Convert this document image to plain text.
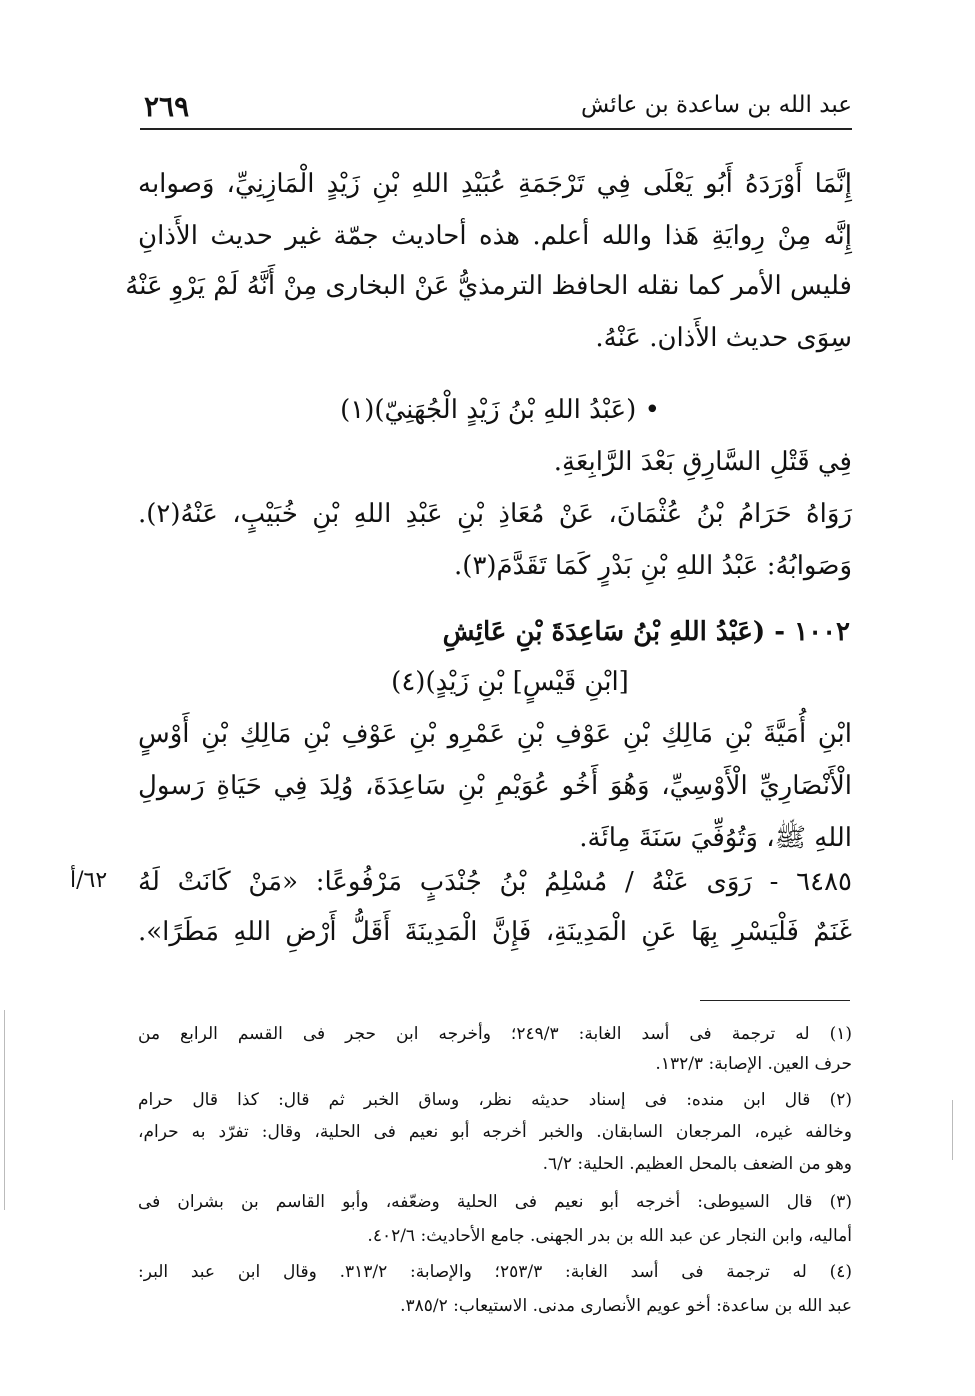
٢٦٩	عبد الله بن ساعدة بن عائش
إِنَّمَا أَوْرَدَهُ أَبُو يَعْلَى فِي تَرْجَمَةِ عُبَيْدِ اللهِ بْنِ زَيْدٍ الْمَازِنِيِّ، وَصوابه
إِنَّه مِنْ رِوايَةِ هَذا والله أعلم. هذه أحاديث جمّة غير حديث الأَذانِ
فليس الأمر كما نقله الحافظ الترمذيُّ عَنْ البخارى مِنْ أَنَّهُ لَمْ يَرْوِ عَنْهُ
سِوَى حديث الأَذان. عَنْهُ.
• (عَبْدُ اللهِ بْنُ زَيْدٍ الْجُهَنِيّ)(١)
فِي قَتْلِ السَّارِقِ بَعْدَ الرَّابِعَةِ.
رَوَاهُ حَرَامُ بْنُ عُثْمَانَ، عَنْ مُعَاذِ بْنِ عَبْدِ اللهِ بْنِ خُبَيْبٍ، عَنْهُ(٢).
وَصَوابُهُ: عَبْدُ اللهِ بْنِ بَدْرٍ كَمَا تَقَدَّمَ(٣).
١٠٠٢ - (عَبْدُ اللهِ بْنُ سَاعِدَةَ بْنِ عَائِشِ
[ابْنِ قَيْسٍ] بْنِ زَيْدٍ)(٤)
ابْنِ أُمَيَّةَ بْنِ مَالِكِ بْنِ عَوْفِ بْنِ عَمْرِو بْنِ عَوْفِ بْنِ مَالِكِ بْنِ أَوْسٍ
الْأَنْصَارِيِّ الْأَوْسِيِّ، وَهُوَ أَخُو عُوَيْمِ بْنِ سَاعِدَةَ، وُلِدَ فِي حَيَاةِ رَسولِ
اللهِ ﷺ، وَتُوُفِّيَ سَنَةَ مِائَة.
٦٤٨٥ - رَوَى عَنْهُ / مُسْلِمُ بْنُ جُنْدَبٍ مَرْفُوعًا: «مَنْ كَانَتْ لَهُ
غَنَمٌ فَلْيَسْرِ بِهَا عَنِ الْمَدِينَةِ، فَإِنَّ الْمَدِينَةَ أَقَلُّ أَرْضِ اللهِ مَطَرًا».
٦٢/أ
(١) له ترجمة فى أسد الغابة: ٢٤٩/٣؛ وأخرجه ابن حجر فى القسم الرابع من
حرف العين. الإصابة: ١٣٢/٣.
(٢) قال ابن منده: فى إسناد حديثه نظر، وساق الخبر ثم قال: كذا قال حرام
وخالفه غيره، المرجعان السابقان. والخبر أخرجه أبو نعيم فى الحلية، وقال: تفرّد به حرام،
وهو من الضعف بالمحل العظيم. الحلية: ٦/٢.
(٣) قال السيوطى: أخرجه أبو نعيم فى الحلية وضعّفه، وأبو القاسم بن بشران فى
أماليه، وابن النجار عن عبد الله بن بدر الجهنى. جامع الأحاديث: ٤٠٢/٦.
(٤) له ترجمة فى أسد الغابة: ٢٥٣/٣؛ والإصابة: ٣١٣/٢. وقال ابن عبد البر:
عبد الله بن ساعدة: أخو عويم الأنصارى مدنى. الاستيعاب: ٣٨٥/٢.
